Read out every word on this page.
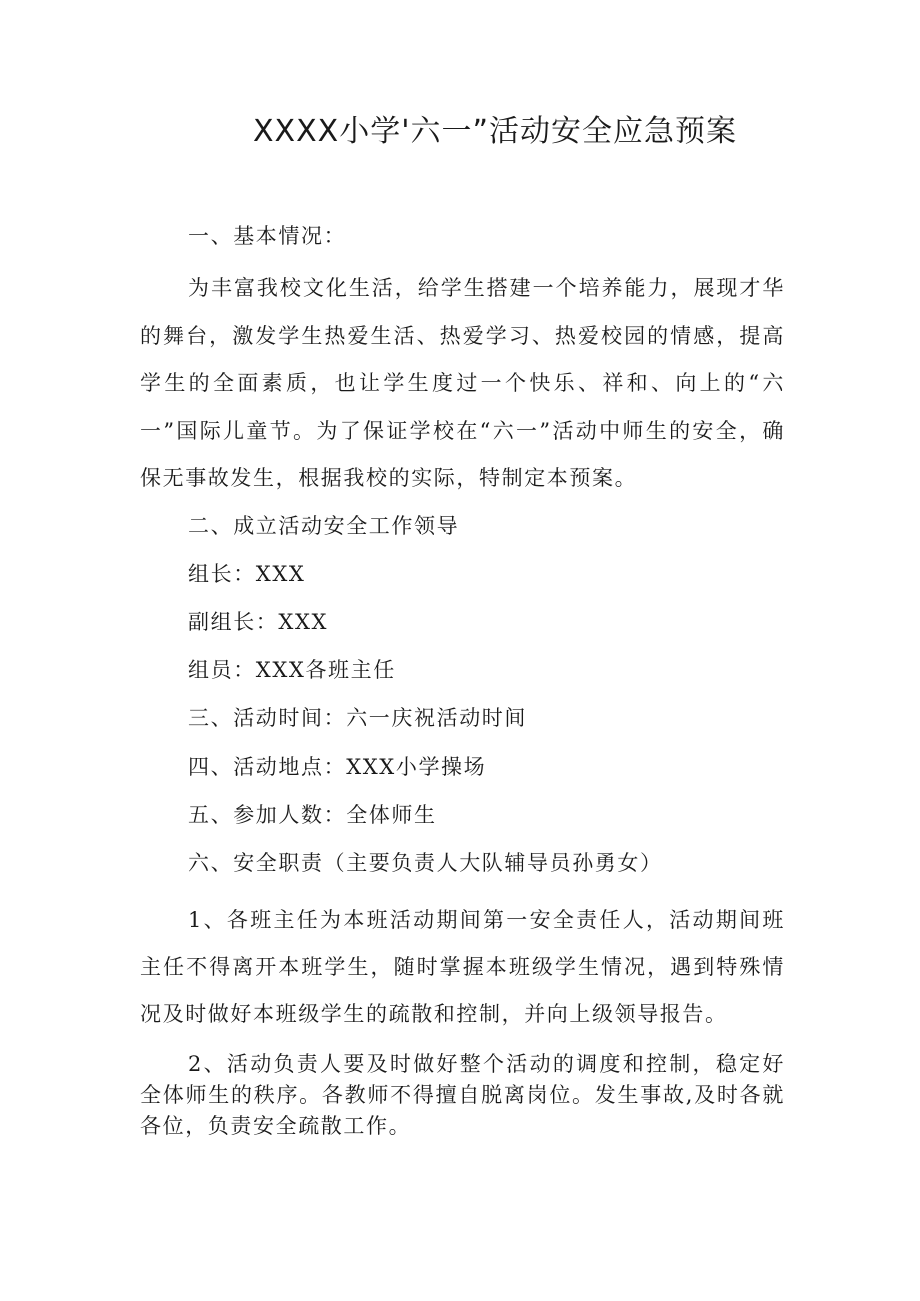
XXXX小学'六一”活动安全应急预案
一、基本情况：
为丰富我校文化生活，给学生搭建一个培养能力，展现才华的舞台，激发学生热爱生活、热爱学习、热爱校园的情感，提高学生的全面素质，也让学生度过一个快乐、祥和、向上的“六一”国际儿童节。为了保证学校在“六一”活动中师生的安全，确保无事故发生，根据我校的实际，特制定本预案。
二、成立活动安全工作领导
组长：XXX
副组长：XXX
组员：XXX各班主任
三、活动时间：六一庆祝活动时间
四、活动地点：XXX小学操场
五、参加人数：全体师生
六、安全职责（主要负责人大队辅导员孙勇女）
1、各班主任为本班活动期间第一安全责任人，活动期间班主任不得离开本班学生，随时掌握本班级学生情况，遇到特殊情况及时做好本班级学生的疏散和控制，并向上级领导报告。
2、活动负责人要及时做好整个活动的调度和控制，稳定好全体师生的秩序。各教师不得擅自脱离岗位。发生事故,及时各就各位，负责安全疏散工作。
